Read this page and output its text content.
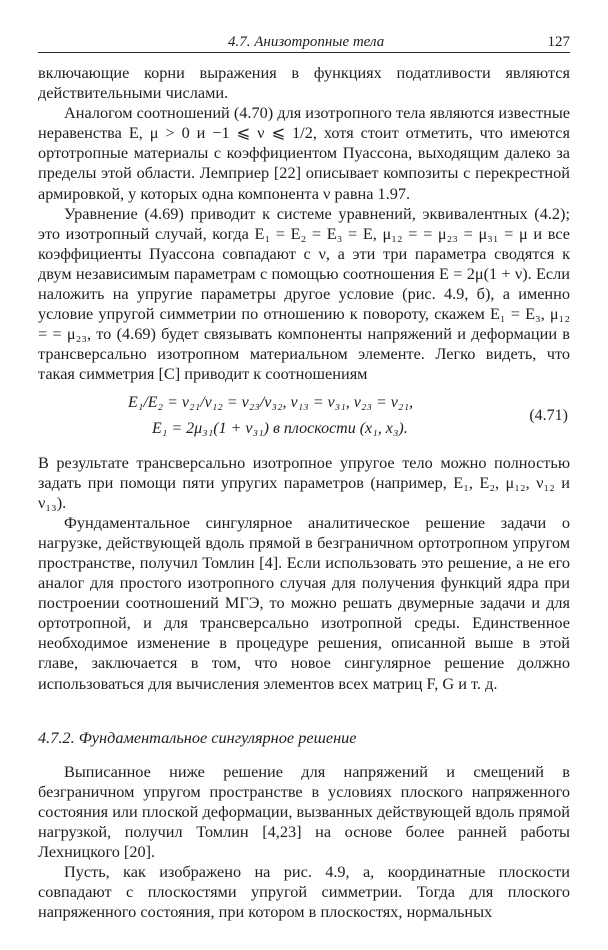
4.7. Анизотропные тела	127

включающие корни выражения в функциях податливости являются действительными числами.

Аналогом соотношений (4.70) для изотропного тела являются известные неравенства E, μ > 0 и −1 ⩽ ν ⩽ 1/2, хотя стоит отметить, что имеются ортотропные материалы с коэффициентом Пуассона, выходящим далеко за пределы этой области. Лемприер [22] описывает композиты с перекрестной армировкой, у которых одна компонента ν равна 1.97.

Уравнение (4.69) приводит к системе уравнений, эквивалентных (4.2); это изотропный случай, когда E₁ = E₂ = E₃ = E, μ₁₂ = = μ₂₃ = μ₃₁ = μ и все коэффициенты Пуассона совпадают с ν, а эти три параметра сводятся к двум независимым параметрам с помощью соотношения E = 2μ(1 + ν). Если наложить на упругие параметры другое условие (рис. 4.9, б), а именно условие упругой симметрии по отношению к повороту, скажем E₁ = E₃, μ₁₂ = = μ₂₃, то (4.69) будет связывать компоненты напряжений и деформации в трансверсально изотропном материальном элементе. Легко видеть, что такая симметрия [C] приводит к соотношениям

E₁/E₂ = ν₂₁/ν₁₂ = ν₂₃/ν₃₂, ν₁₃ = ν₃₁, ν₂₃ = ν₂₁,
E₁ = 2μ₃₁(1 + ν₃₁) в плоскости (x₁, x₃).
(4.71)

В результате трансверсально изотропное упругое тело можно полностью задать при помощи пяти упругих параметров (например, E₁, E₂, μ₁₂, ν₁₂ и ν₁₃).

Фундаментальное сингулярное аналитическое решение задачи о нагрузке, действующей вдоль прямой в безграничном ортотропном упругом пространстве, получил Томлин [4]. Если использовать это решение, а не его аналог для простого изотропного случая для получения функций ядра при построении соотношений МГЭ, то можно решать двумерные задачи и для ортотропной, и для трансверсально изотропной среды. Единственное необходимое изменение в процедуре решения, описанной выше в этой главе, заключается в том, что новое сингулярное решение должно использоваться для вычисления элементов всех матриц F, G и т. д.

4.7.2. Фундаментальное сингулярное решение

Выписанное ниже решение для напряжений и смещений в безграничном упругом пространстве в условиях плоского напряженного состояния или плоской деформации, вызванных действующей вдоль прямой нагрузкой, получил Томлин [4,23] на основе более ранней работы Лехницкого [20].

Пусть, как изображено на рис. 4.9, а, координатные плоскости совпадают с плоскостями упругой симметрии. Тогда для плоского напряженного состояния, при котором в плоскостях, нормальных
